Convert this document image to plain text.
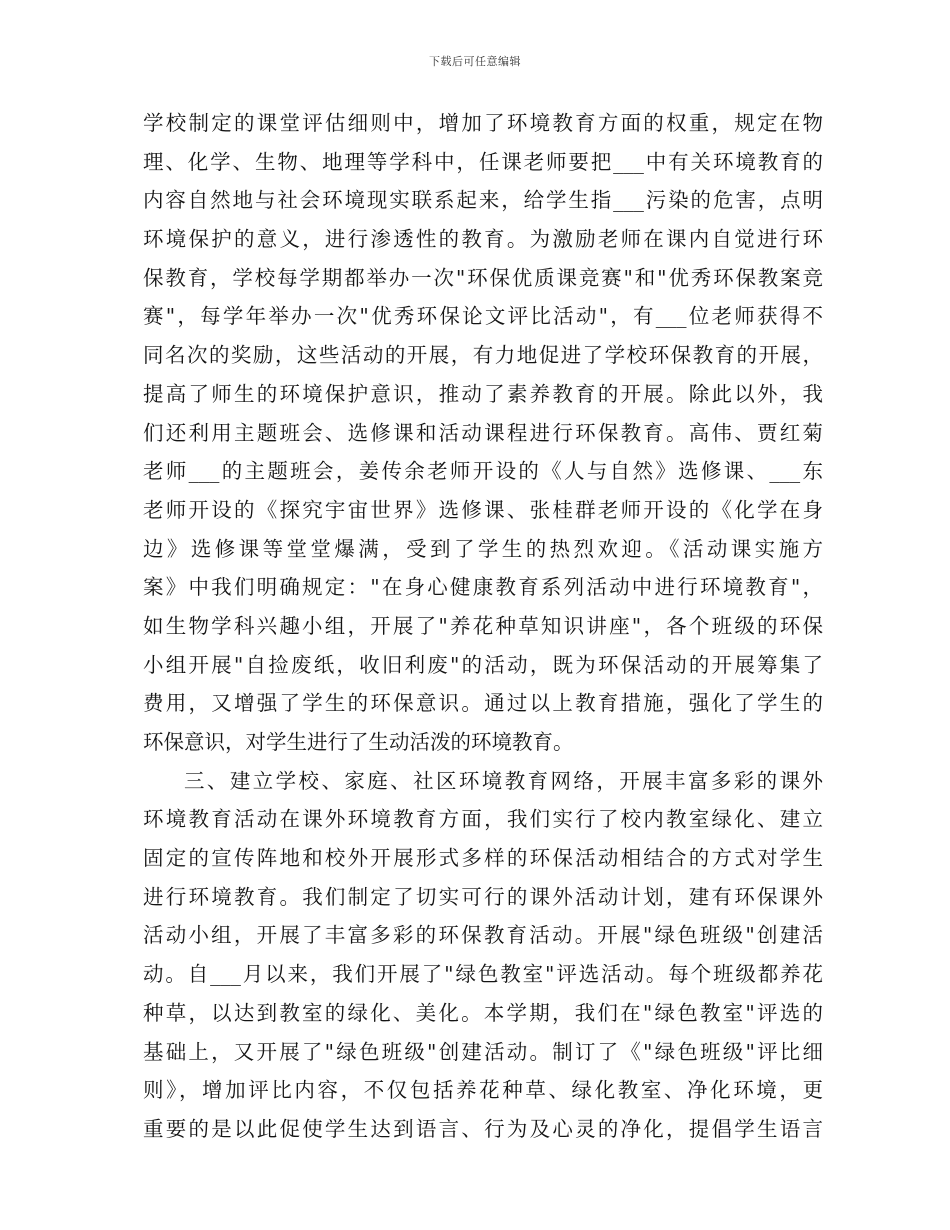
下载后可任意编辑
学校制定的课堂评估细则中，增加了环境教育方面的权重，规定在物
理、化学、生物、地理等学科中，任课老师要把___中有关环境教育的
内容自然地与社会环境现实联系起来，给学生指___污染的危害，点明
环境保护的意义，进行渗透性的教育。为激励老师在课内自觉进行环
保教育，学校每学期都举办一次"环保优质课竞赛"和"优秀环保教案竞
赛"，每学年举办一次"优秀环保论文评比活动"，有___位老师获得不
同名次的奖励，这些活动的开展，有力地促进了学校环保教育的开展，
提高了师生的环境保护意识，推动了素养教育的开展。除此以外，我
们还利用主题班会、选修课和活动课程进行环保教育。高伟、贾红菊
老师___的主题班会，姜传余老师开设的《人与自然》选修课、___东
老师开设的《探究宇宙世界》选修课、张桂群老师开设的《化学在身
边》选修课等堂堂爆满，受到了学生的热烈欢迎。《活动课实施方
案》中我们明确规定："在身心健康教育系列活动中进行环境教育"，
如生物学科兴趣小组，开展了"养花种草知识讲座"，各个班级的环保
小组开展"自捡废纸，收旧利废"的活动，既为环保活动的开展筹集了
费用，又增强了学生的环保意识。通过以上教育措施，强化了学生的
环保意识，对学生进行了生动活泼的环境教育。
三、建立学校、家庭、社区环境教育网络，开展丰富多彩的课外
环境教育活动在课外环境教育方面，我们实行了校内教室绿化、建立
固定的宣传阵地和校外开展形式多样的环保活动相结合的方式对学生
进行环境教育。我们制定了切实可行的课外活动计划，建有环保课外
活动小组，开展了丰富多彩的环保教育活动。开展"绿色班级"创建活
动。自___月以来，我们开展了"绿色教室"评选活动。每个班级都养花
种草，以达到教室的绿化、美化。本学期，我们在"绿色教室"评选的
基础上，又开展了"绿色班级"创建活动。制订了《"绿色班级"评比细
则》，增加评比内容，不仅包括养花种草、绿化教室、净化环境，更
重要的是以此促使学生达到语言、行为及心灵的净化，提倡学生语言
